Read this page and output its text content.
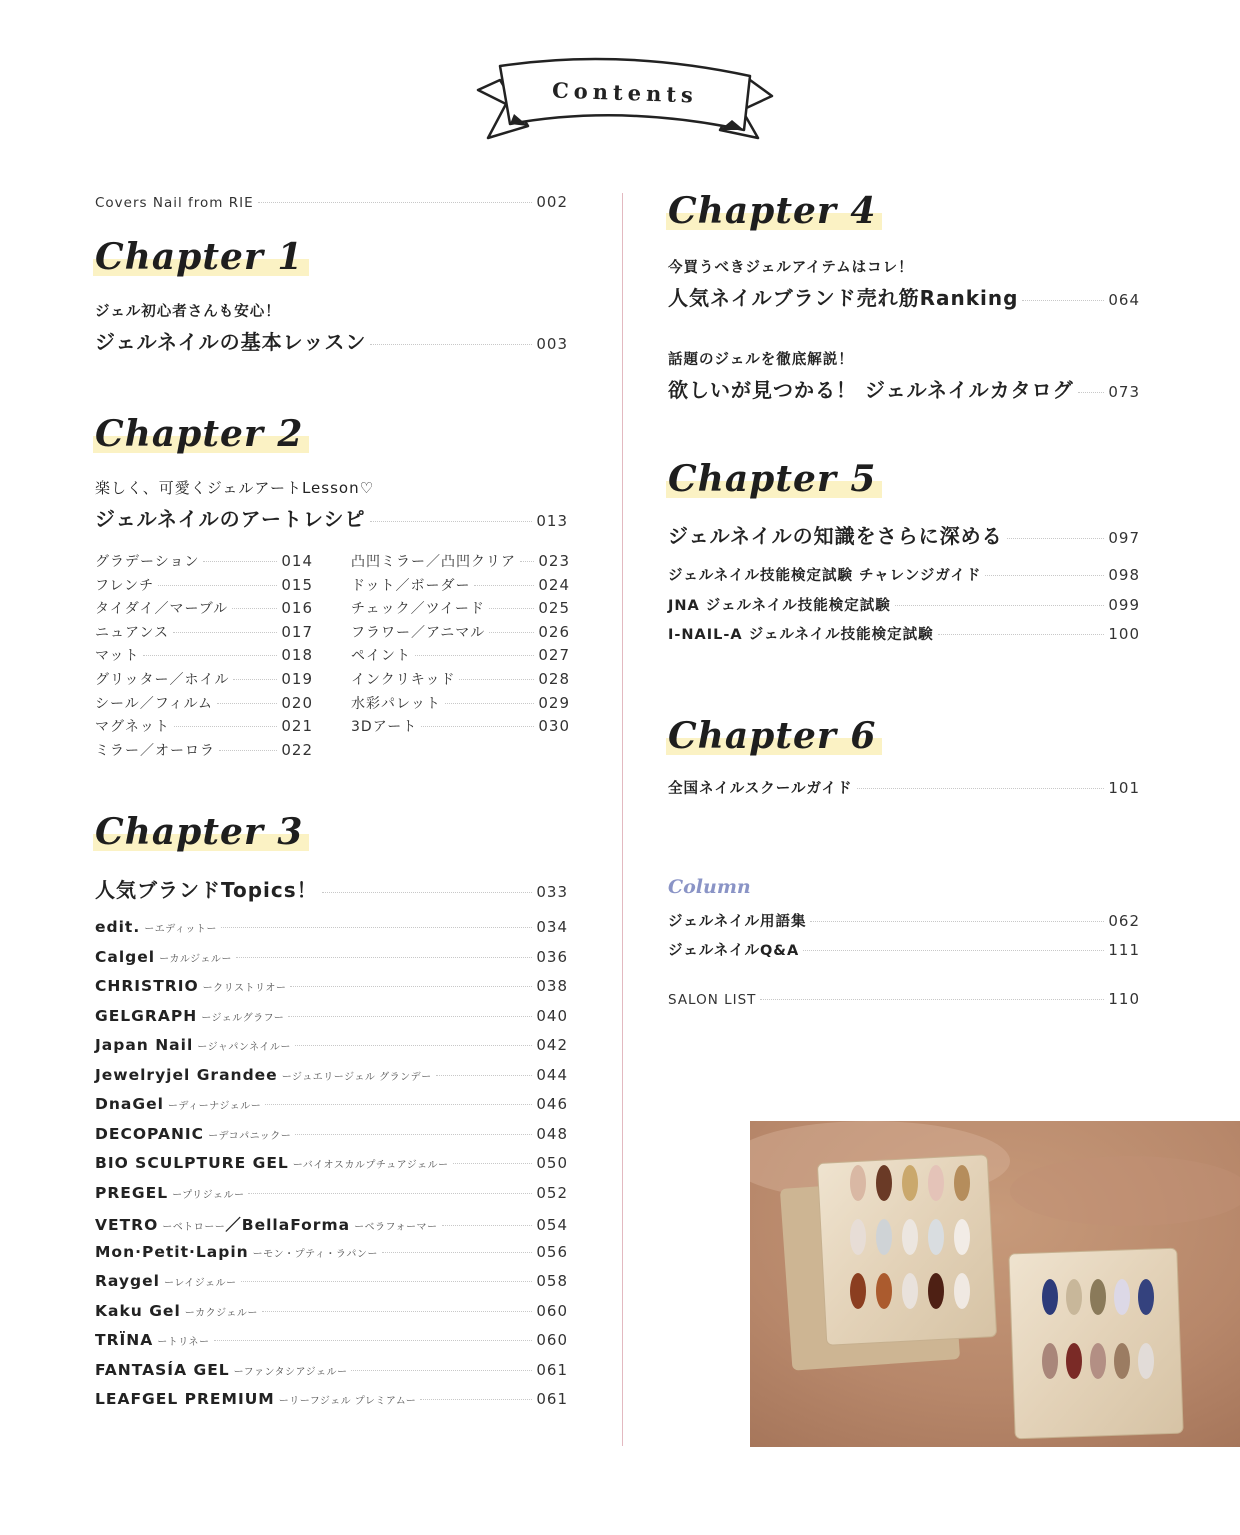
Contents
Covers Nail from RIE	002
Chapter 1
ジェル初心者さんも安心！
ジェルネイルの基本レッスン	003
Chapter 2
楽しく、可愛くジェルアートLesson♡
ジェルネイルのアートレシピ	013
グラデーション	014
フレンチ	015
タイダイ／マーブル	016
ニュアンス	017
マット	018
グリッター／ホイル	019
シール／フィルム	020
マグネット	021
ミラー／オーロラ	022
凸凹ミラー／凸凹クリア 023
ドット／ボーダー	024
チェック／ツイード	025
フラワー／アニマル	026
ペイント	027
インクリキッド	028
水彩パレット	029
3Dアート	030
Chapter 3
人気ブランドTopics！	033
edit. ーエディットー	034
Calgel ーカルジェルー	036
CHRISTRIO ークリストリオー	038
GELGRAPH ージェルグラフー	040
Japan Nail ージャパンネイルー	042
Jewelryjel Grandee ージュエリージェル グランデー	044
DnaGel ーディーナジェルー	046
DECOPANIC ーデコパニックー	048
BIO SCULPTURE GEL ーバイオスカルプチュアジェルー	050
PREGEL ープリジェルー	052
VETRO ーベトローー／BellaForma ーベラフォーマー	054
Mon·Petit·Lapin ーモン・プティ・ラパンー	056
Raygel ーレイジェルー	058
Kaku Gel ーカクジェルー	060
TRÏNA ートリネー	060
FANTASÍA GEL ーファンタシアジェルー	061
LEAFGEL PREMIUM ーリーフジェル プレミアムー	061
Chapter 4
今買うべきジェルアイテムはコレ！
人気ネイルブランド売れ筋Ranking	064
話題のジェルを徹底解説！
欲しいが見つかる！ ジェルネイルカタログ 073
Chapter 5
ジェルネイルの知識をさらに深める	097
ジェルネイル技能検定試験 チャレンジガイド	098
JNA ジェルネイル技能検定試験	099
I-NAIL-A ジェルネイル技能検定試験	100
Chapter 6
全国ネイルスクールガイド	101
Column
ジェルネイル用語集	062
ジェルネイルQ&A	111
SALON LIST	110
